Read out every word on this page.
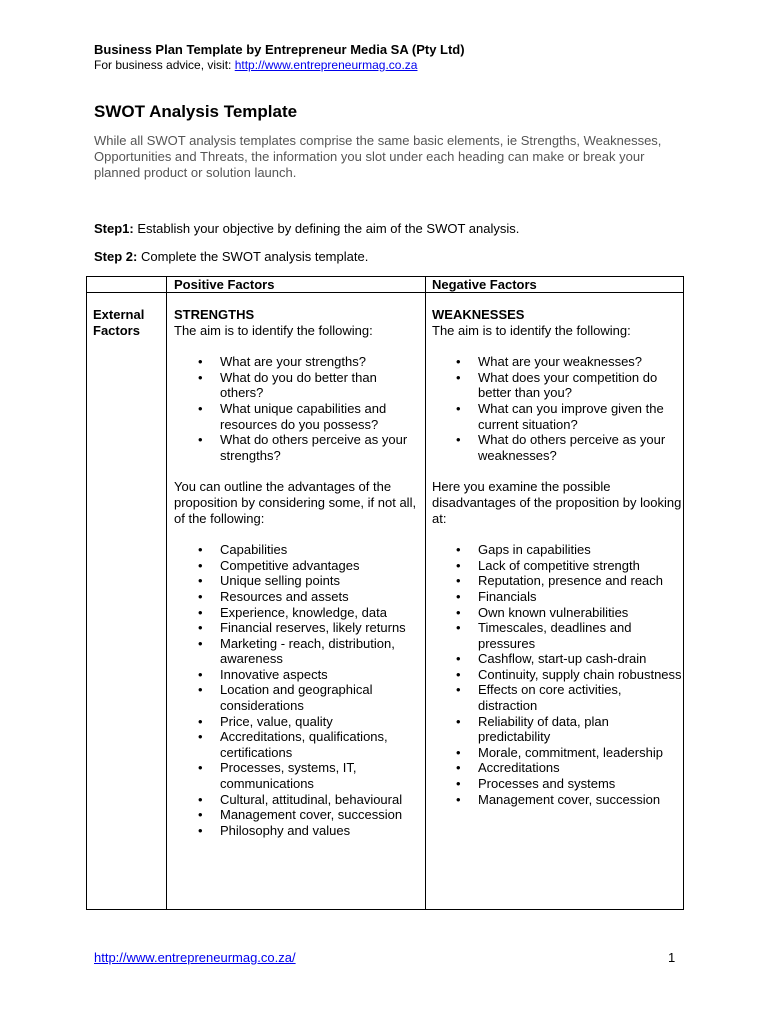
Business Plan Template by Entrepreneur Media SA (Pty Ltd)
For business advice, visit: http://www.entrepreneurmag.co.za
SWOT Analysis Template
While all SWOT analysis templates comprise the same basic elements, ie Strengths, Weaknesses, Opportunities and Threats, the information you slot under each heading can make or break your planned product or solution launch.
Step1: Establish your objective by defining the aim of the SWOT analysis.
Step 2: Complete the SWOT analysis template.
Positive Factors	Negative Factors
External
Factors
STRENGTHS
The aim is to identify the following:
• What are your strengths?
• What do you do better than others?
• What unique capabilities and resources do you possess?
• What do others perceive as your strengths?
You can outline the advantages of the proposition by considering some, if not all, of the following:
• Capabilities
• Competitive advantages
• Unique selling points
• Resources and assets
• Experience, knowledge, data
• Financial reserves, likely returns
• Marketing - reach, distribution, awareness
• Innovative aspects
• Location and geographical considerations
• Price, value, quality
• Accreditations, qualifications, certifications
• Processes, systems, IT, communications
• Cultural, attitudinal, behavioural
• Management cover, succession
• Philosophy and values
WEAKNESSES
The aim is to identify the following:
• What are your weaknesses?
• What does your competition do better than you?
• What can you improve given the current situation?
• What do others perceive as your weaknesses?
Here you examine the possible disadvantages of the proposition by looking at:
• Gaps in capabilities
• Lack of competitive strength
• Reputation, presence and reach
• Financials
• Own known vulnerabilities
• Timescales, deadlines and pressures
• Cashflow, start-up cash-drain
• Continuity, supply chain robustness
• Effects on core activities, distraction
• Reliability of data, plan predictability
• Morale, commitment, leadership
• Accreditations
• Processes and systems
• Management cover, succession
http://www.entrepreneurmag.co.za/	1
